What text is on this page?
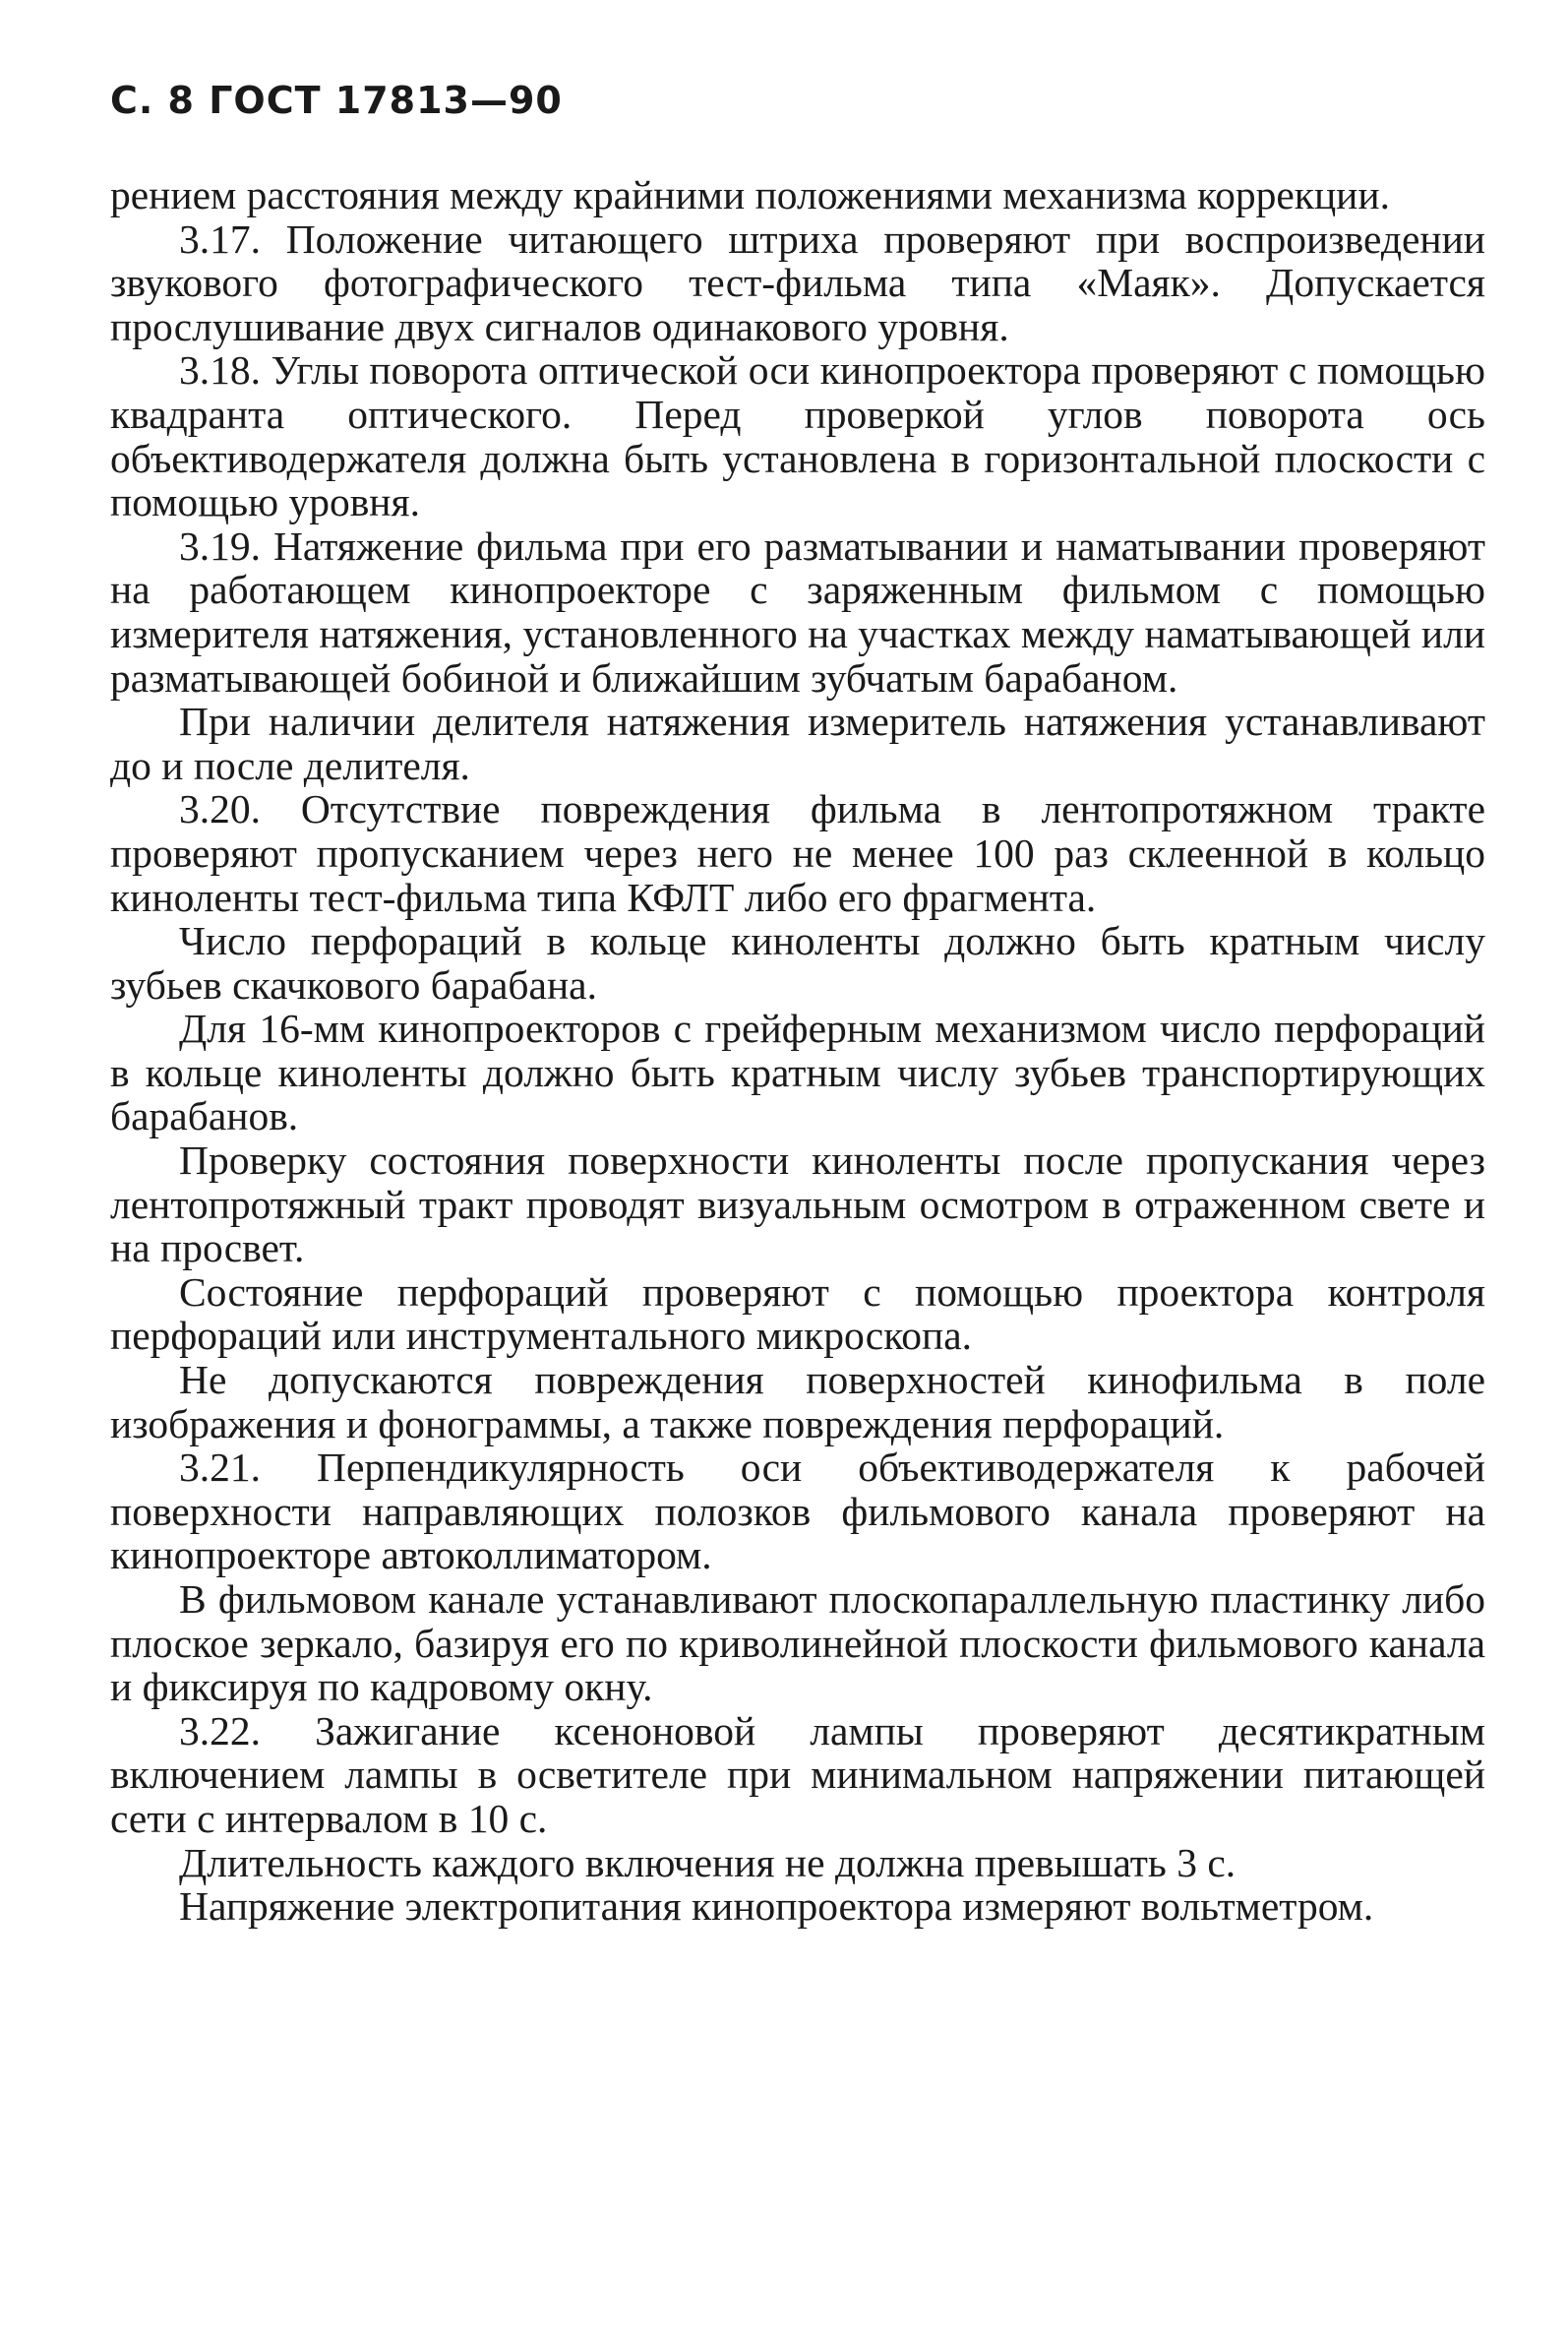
С. 8 ГОСТ 17813—90

рением расстояния между крайними положениями механизма коррекции.

3.17. Положение читающего штриха проверяют при воспроизведении звукового фотографического тест-фильма типа «Маяк». Допускается прослушивание двух сигналов одинакового уровня.

3.18. Углы поворота оптической оси кинопроектора проверяют с помощью квадранта оптического. Перед проверкой углов поворота ось объективодержателя должна быть установлена в горизонтальной плоскости с помощью уровня.

3.19. Натяжение фильма при его разматывании и наматывании проверяют на работающем кинопроекторе с заряженным фильмом с помощью измерителя натяжения, установленного на участках между наматывающей или разматывающей бобиной и ближайшим зубчатым барабаном.

При наличии делителя натяжения измеритель натяжения устанавливают до и после делителя.

3.20. Отсутствие повреждения фильма в лентопротяжном тракте проверяют пропусканием через него не менее 100 раз склеенной в кольцо киноленты тест-фильма типа КФЛТ либо его фрагмента.

Число перфораций в кольце киноленты должно быть кратным числу зубьев скачкового барабана.

Для 16-мм кинопроекторов с грейферным механизмом число перфораций в кольце киноленты должно быть кратным числу зубьев транспортирующих барабанов.

Проверку состояния поверхности киноленты после пропускания через лентопротяжный тракт проводят визуальным осмотром в отраженном свете и на просвет.

Состояние перфораций проверяют с помощью проектора контроля перфораций или инструментального микроскопа.

Не допускаются повреждения поверхностей кинофильма в поле изображения и фонограммы, а также повреждения перфораций.

3.21. Перпендикулярность оси объективодержателя к рабочей поверхности направляющих полозков фильмового канала проверяют на кинопроекторе автоколлиматором.

В фильмовом канале устанавливают плоскопараллельную пластинку либо плоское зеркало, базируя его по криволинейной плоскости фильмового канала и фиксируя по кадровому окну.

3.22. Зажигание ксеноновой лампы проверяют десятикратным включением лампы в осветителе при минимальном напряжении питающей сети с интервалом в 10 с.

Длительность каждого включения не должна превышать 3 с.

Напряжение электропитания кинопроектора измеряют вольтметром.
